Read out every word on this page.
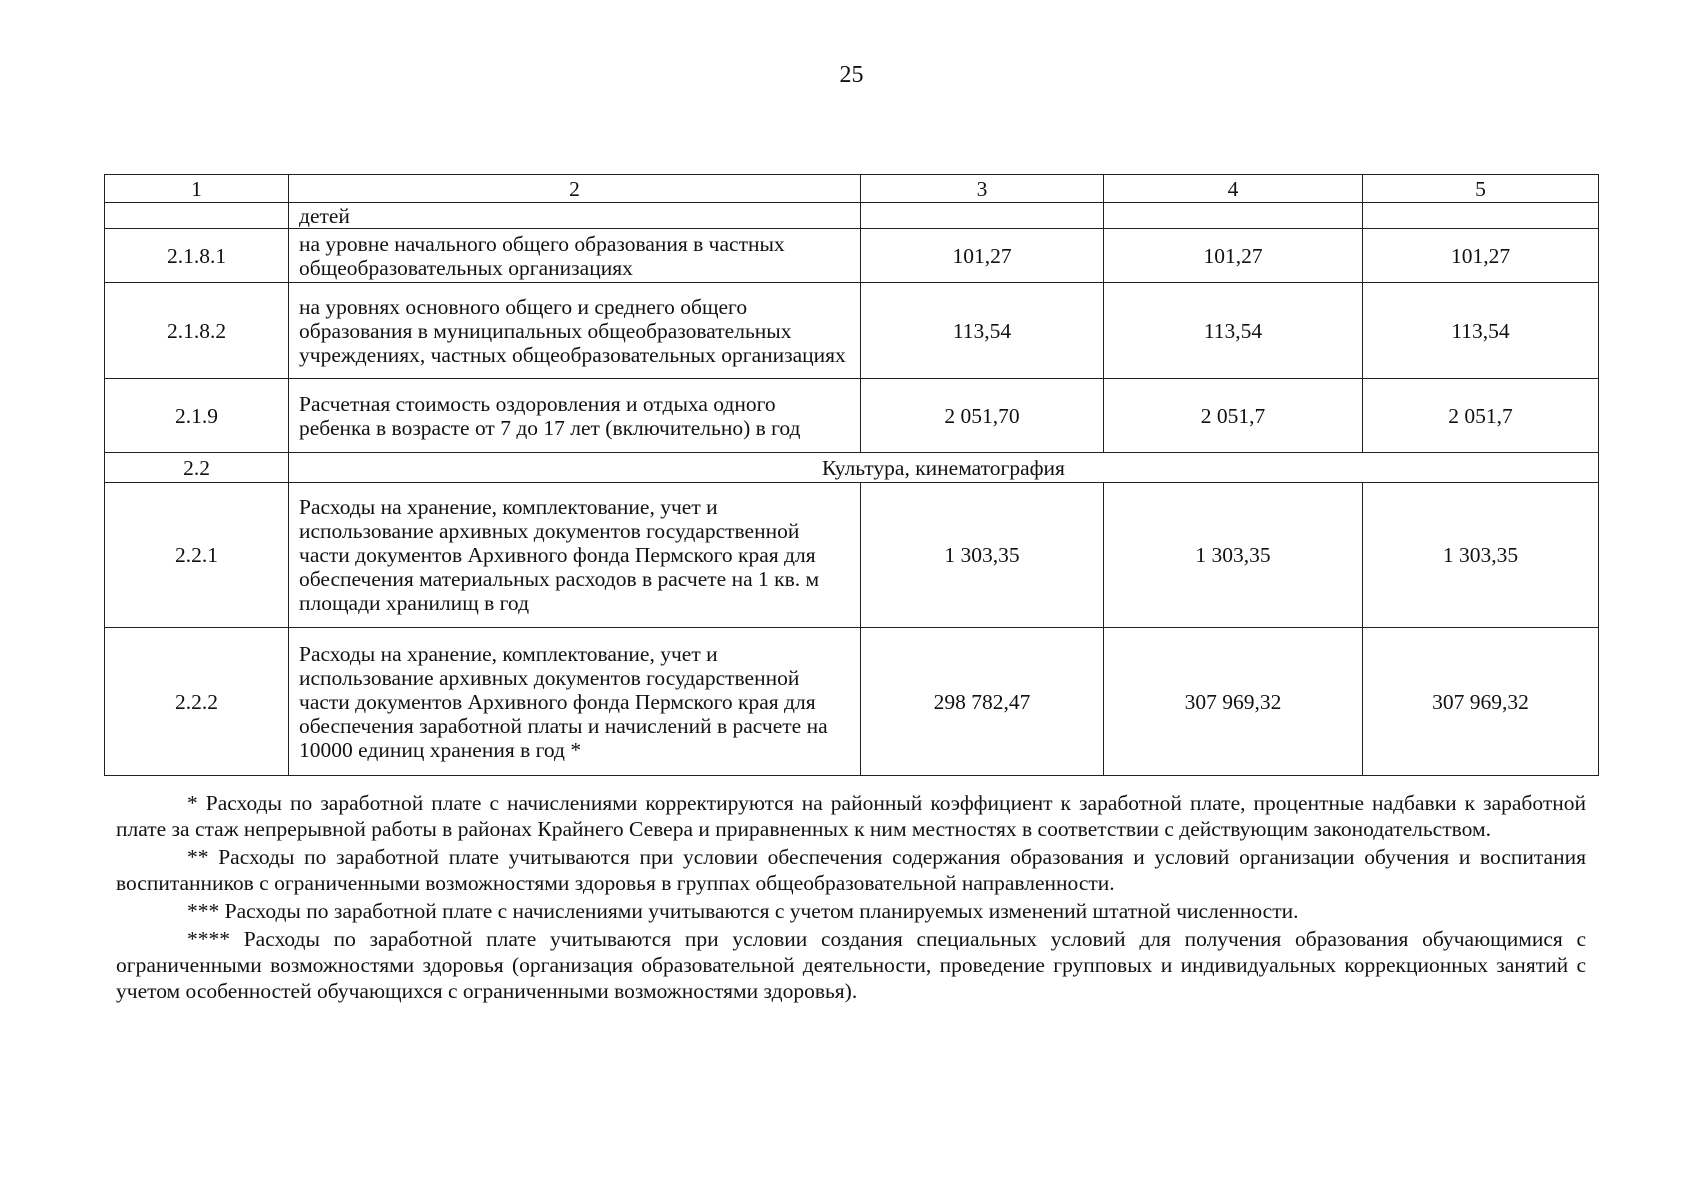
25
1	2	3	4	5
	детей			
2.1.8.1	на уровне начального общего образования в частных общеобразовательных организациях	101,27	101,27	101,27
2.1.8.2	на уровнях основного общего и среднего общего образования в муниципальных общеобразовательных учреждениях, частных общеобразовательных организациях	113,54	113,54	113,54
2.1.9	Расчетная стоимость оздоровления и отдыха одного ребенка в возрасте от 7 до 17 лет (включительно) в год	2 051,70	2 051,7	2 051,7
2.2	Культура, кинематография			
2.2.1	Расходы на хранение, комплектование, учет и использование архивных документов государственной части документов Архивного фонда Пермского края для обеспечения материальных расходов в расчете на 1 кв. м площади хранилищ в год	1 303,35	1 303,35	1 303,35
2.2.2	Расходы на хранение, комплектование, учет и использование архивных документов государственной части документов Архивного фонда Пермского края для обеспечения заработной платы и начислений в расчете на 10000 единиц хранения в год *	298 782,47	307 969,32	307 969,32

* Расходы по заработной плате с начислениями корректируются на районный коэффициент к заработной плате, процентные надбавки к заработной плате за стаж непрерывной работы в районах Крайнего Севера и приравненных к ним местностях в соответствии с действующим законодательством.

** Расходы по заработной плате учитываются при условии обеспечения содержания образования и условий организации обучения и воспитания воспитанников с ограниченными возможностями здоровья в группах общеобразовательной направленности.

*** Расходы по заработной плате с начислениями учитываются с учетом планируемых изменений штатной численности.

**** Расходы по заработной плате учитываются при условии создания специальных условий для получения образования обучающимися с ограниченными возможностями здоровья (организация образовательной деятельности, проведение групповых и индивидуальных коррекционных занятий с учетом особенностей обучающихся с ограниченными возможностями здоровья).
